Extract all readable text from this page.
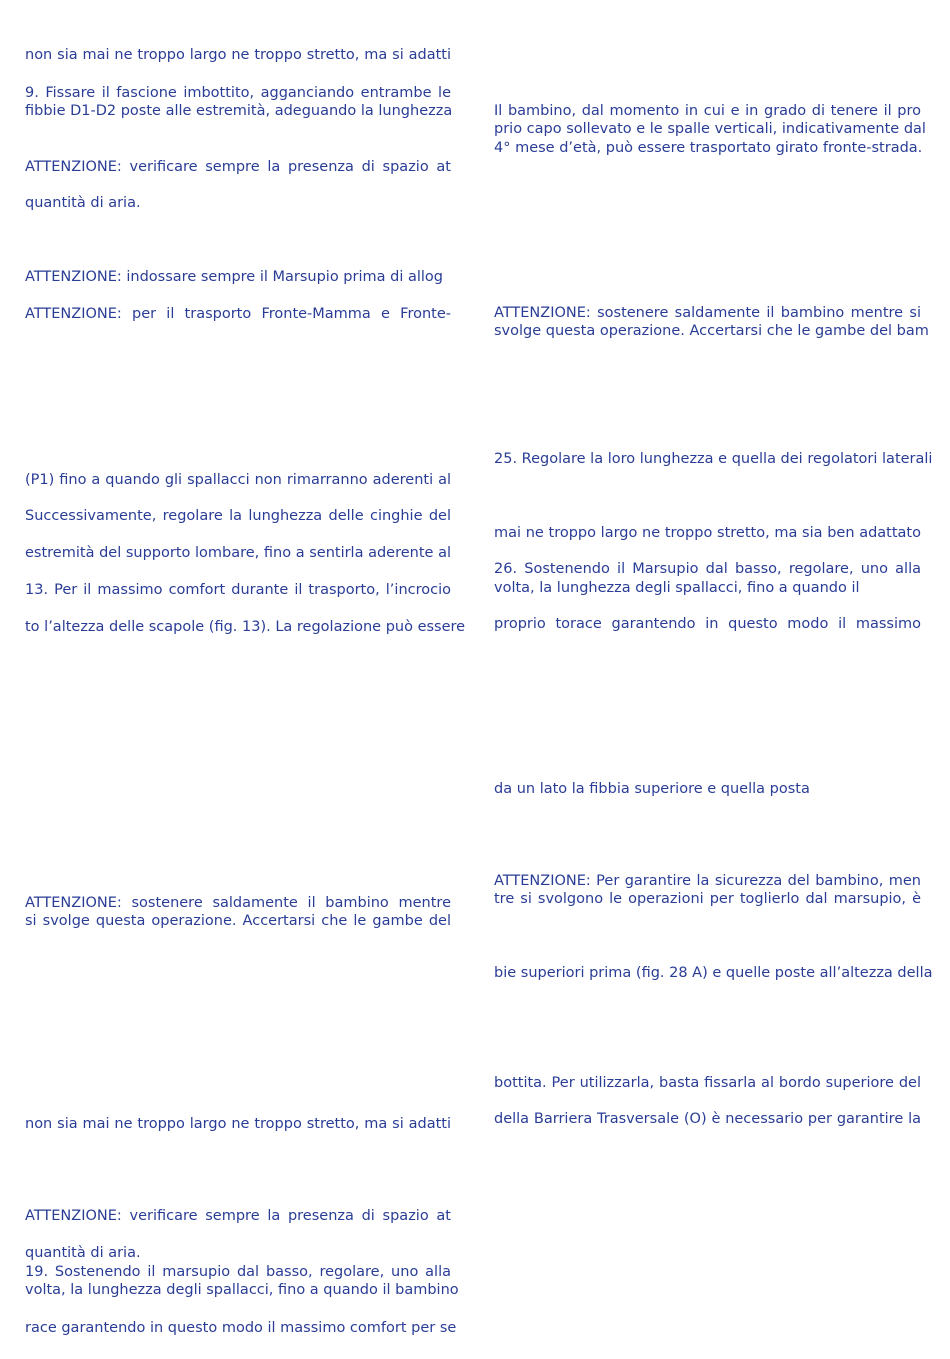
non sia mai ne troppo largo ne troppo stretto, ma si adatti
9. Fissare il fascione imbottito, agganciando entrambe le
fibbie D1-D2 poste alle estremità, adeguando la lunghezza
ATTENZIONE: verificare sempre la presenza di spazio at
quantità di aria.
ATTENZIONE: indossare sempre il Marsupio prima di allog
ATTENZIONE: per il trasporto Fronte-Mamma e Fronte-
(P1) fino a quando gli spallacci non rimarranno aderenti al
Successivamente, regolare la lunghezza delle cinghie del
estremità del supporto lombare, fino a sentirla aderente al
13. Per il massimo comfort durante il trasporto, l’incrocio
to l’altezza delle scapole (fig. 13). La regolazione può essere
ATTENZIONE: sostenere saldamente il bambino mentre
si svolge questa operazione. Accertarsi che le gambe del
non sia mai ne troppo largo ne troppo stretto, ma si adatti
ATTENZIONE: verificare sempre la presenza di spazio at
quantità di aria.
19. Sostenendo il marsupio dal basso, regolare, uno alla
volta, la lunghezza degli spallacci, fino a quando il bambino
race garantendo in questo modo il massimo comfort per se
Il bambino, dal momento in cui e in grado di tenere il pro
prio capo sollevato e le spalle verticali, indicativamente dal
4° mese d’età, può essere trasportato girato fronte-strada.
ATTENZIONE: sostenere saldamente il bambino mentre si
svolge questa operazione. Accertarsi che le gambe del bam
25. Regolare la loro lunghezza e quella dei regolatori laterali
mai ne troppo largo ne troppo stretto, ma sia ben adattato
26. Sostenendo il Marsupio dal basso, regolare, uno alla
volta, la lunghezza degli spallacci, fino a quando il
proprio torace garantendo in questo modo il massimo
da un lato la fibbia superiore e quella posta
ATTENZIONE: Per garantire la sicurezza del bambino, men
tre si svolgono le operazioni per toglierlo dal marsupio, è
bie superiori prima (fig. 28 A) e quelle poste all’altezza della
bottita. Per utilizzarla, basta fissarla al bordo superiore del
della Barriera Trasversale (O) è necessario per garantire la
